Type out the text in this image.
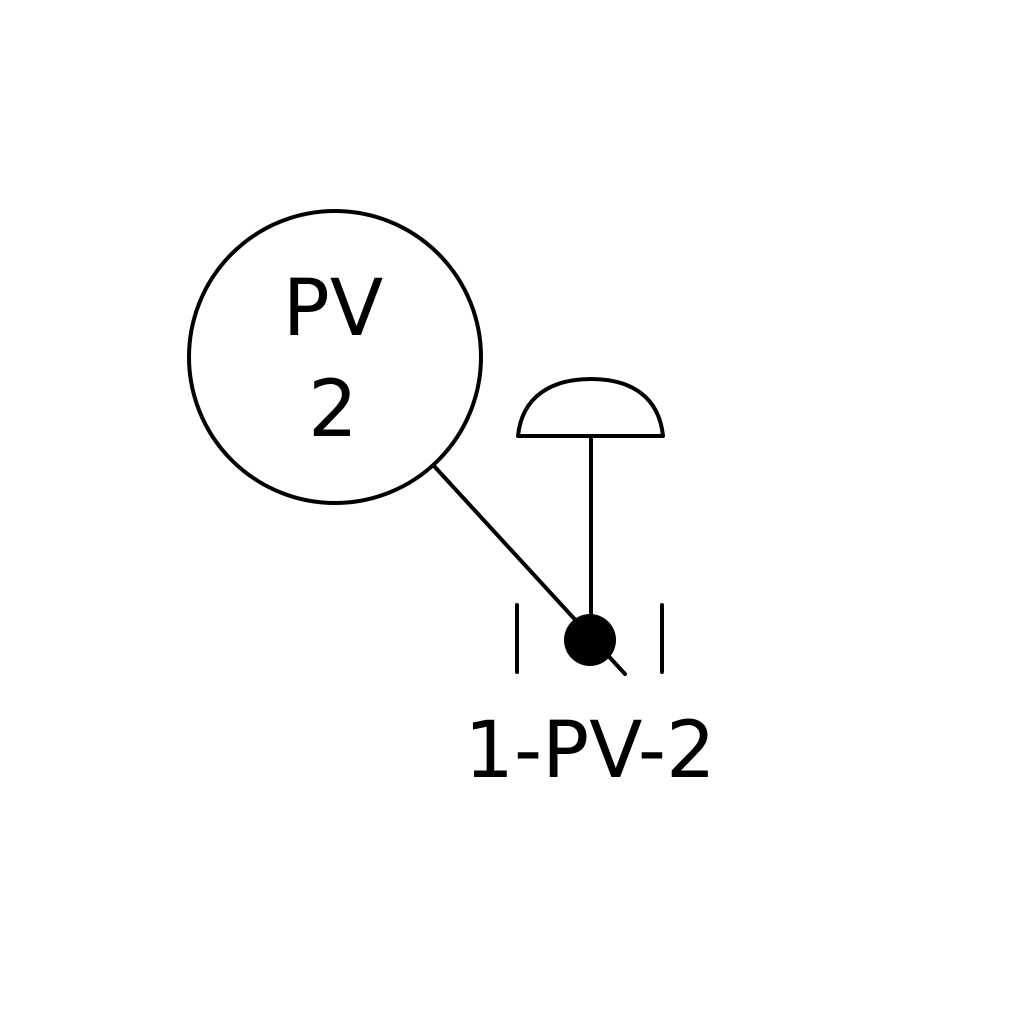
PV
2
1-PV-2
